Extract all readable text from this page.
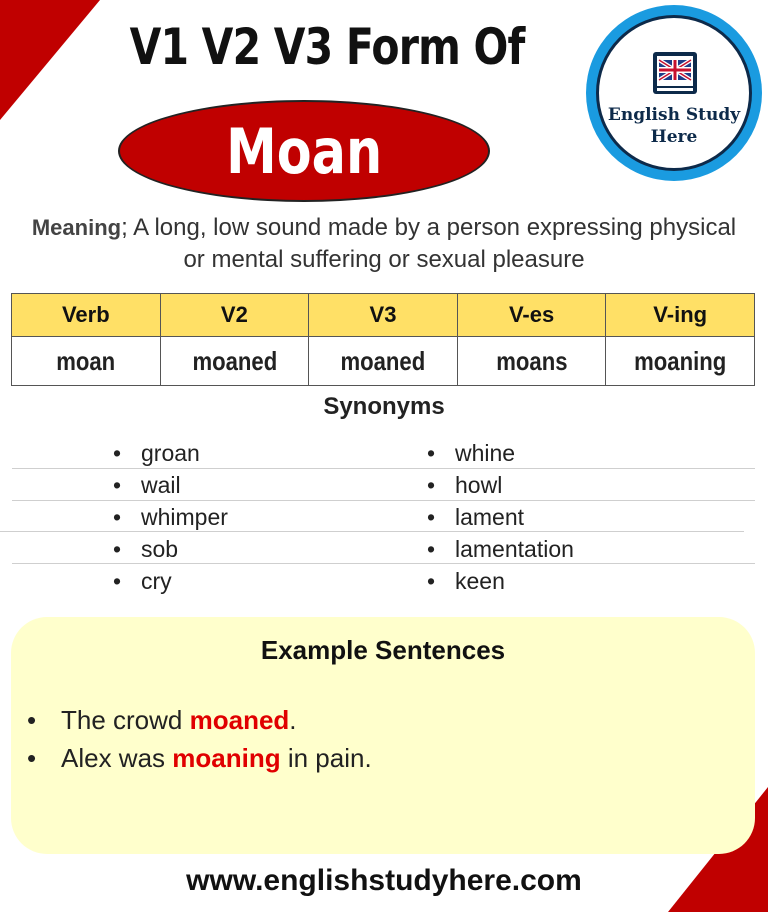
V1 V2 V3 Form Of
Moan	English Study
Here
Meaning; A long, low sound made by a person expressing physical or mental suffering or sexual pleasure
Verb	V2	V3	V-es	V-ing
moan	moaned	moaned	moans	moaning
Synonyms
• groan
• wail
• whimper
• sob
• cry
• whine
• howl
• lament
• lamentation
• keen
Example Sentences
• The crowd moaned.
• Alex was moaning in pain.
www.englishstudyhere.com
